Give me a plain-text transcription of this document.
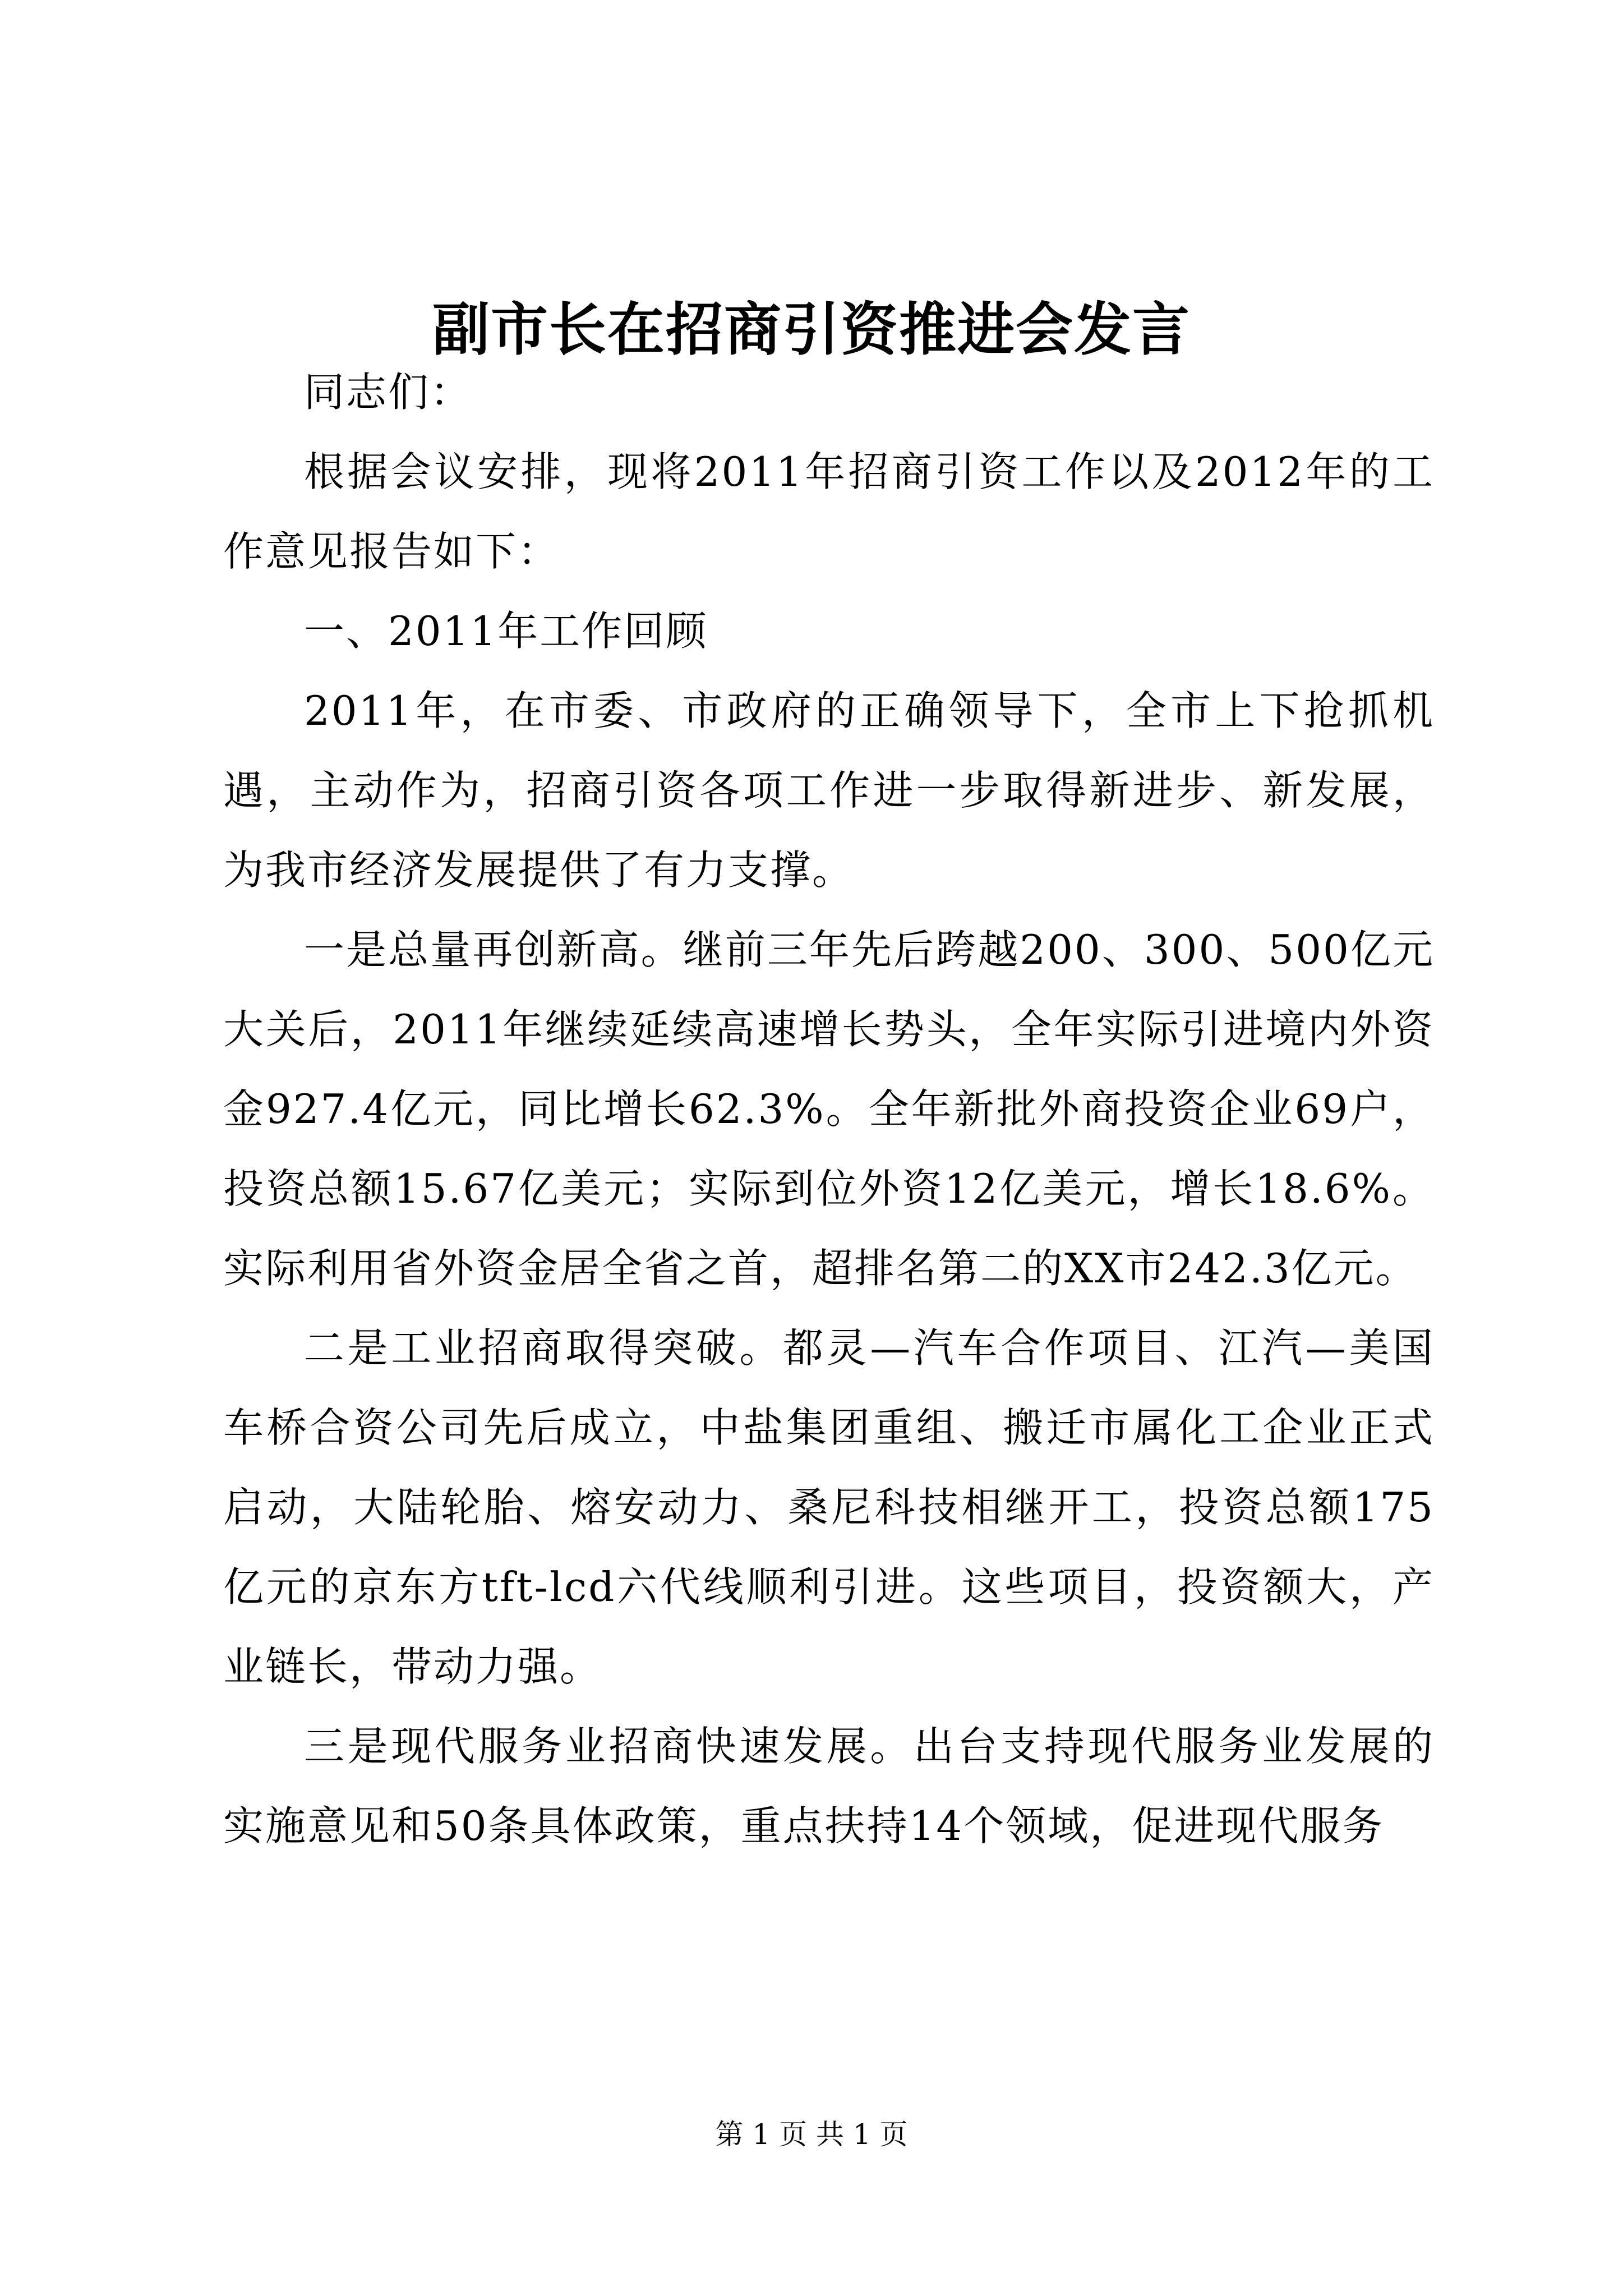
副市长在招商引资推进会发言

同志们：

根据会议安排，现将2011年招商引资工作以及2012年的工作意见报告如下：

一、2011年工作回顾

2011年，在市委、市政府的正确领导下，全市上下抢抓机遇，主动作为，招商引资各项工作进一步取得新进步、新发展，为我市经济发展提供了有力支撑。

一是总量再创新高。继前三年先后跨越200、300、500亿元大关后，2011年继续延续高速增长势头，全年实际引进境内外资金927.4亿元，同比增长62.3%。全年新批外商投资企业69户，投资总额15.67亿美元；实际到位外资12亿美元，增长18.6%。实际利用省外资金居全省之首，超排名第二的XX市242.3亿元。

二是工业招商取得突破。都灵—汽车合作项目、江汽—美国车桥合资公司先后成立，中盐集团重组、搬迁市属化工企业正式启动，大陆轮胎、熔安动力、桑尼科技相继开工，投资总额175亿元的京东方tft-lcd六代线顺利引进。这些项目，投资额大，产业链长，带动力强。

三是现代服务业招商快速发展。出台支持现代服务业发展的实施意见和50条具体政策，重点扶持14个领域，促进现代服务

第 1 页 共 1 页
